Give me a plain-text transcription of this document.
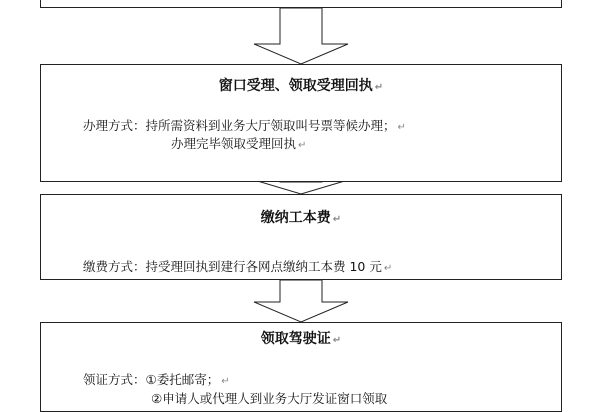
窗口受理、领取受理回执 ↵
办理方式：持所需资料到业务大厅领取叫号票等候办理； ↵
办理完毕领取受理回执 ↵
缴纳工本费 ↵
缴费方式：持受理回执到建行各网点缴纳工本费 10 元 ↵
领取驾驶证 ↵
领证方式：①委托邮寄； ↵
②申请人或代理人到业务大厅发证窗口领取
